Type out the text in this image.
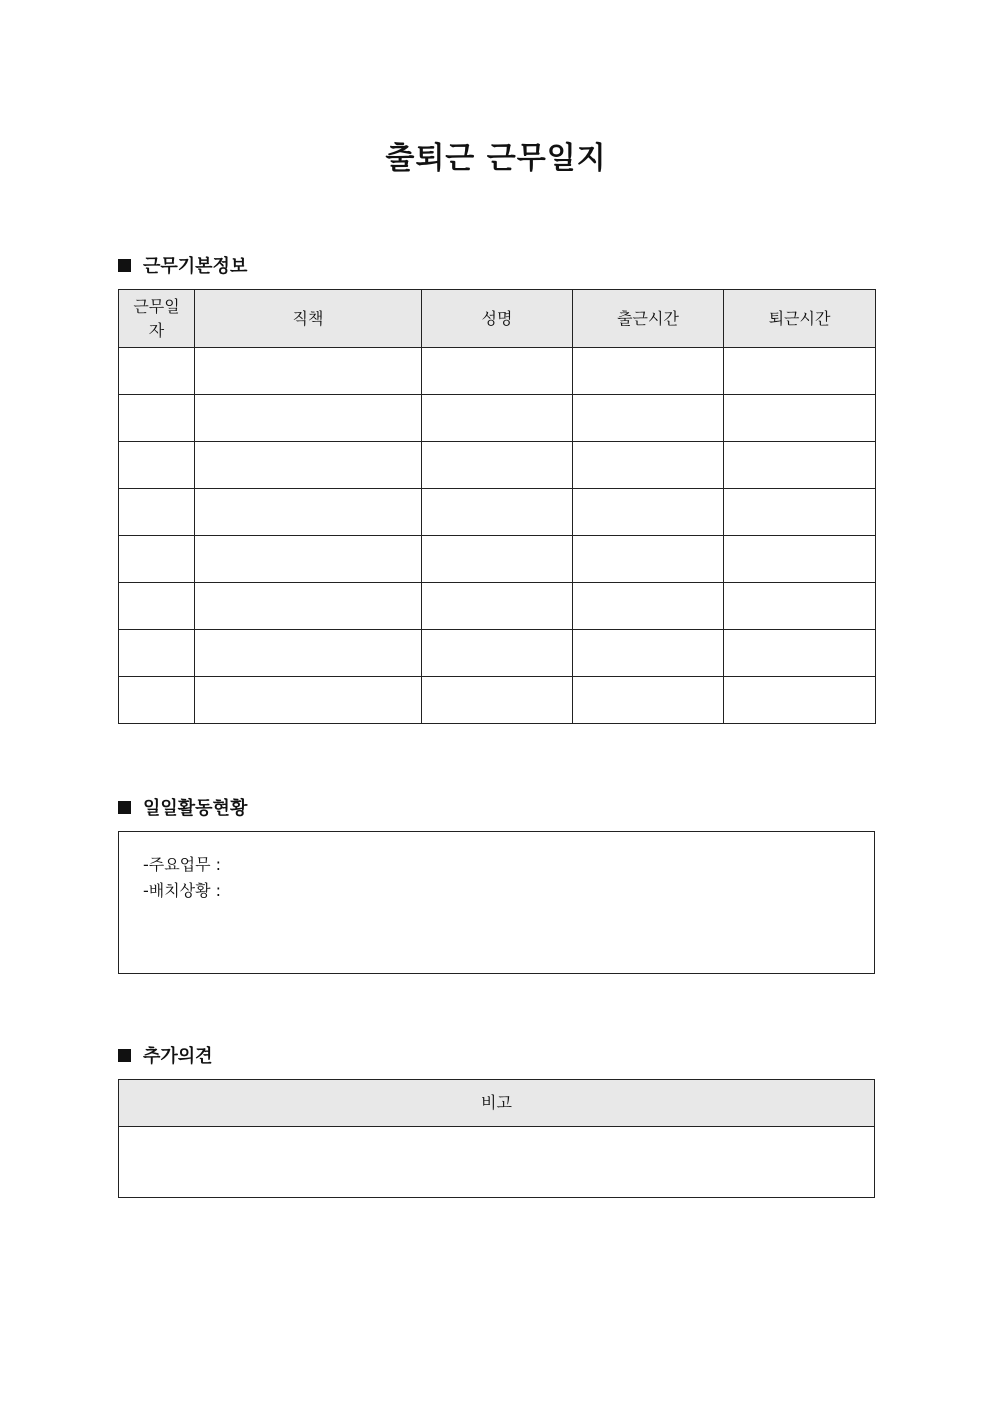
출퇴근 근무일지
근무기본정보
근무일자	직책	성명	출근시간	퇴근시간

일일활동현황
-주요업무 :
-배치상황 :
추가의견
비고
